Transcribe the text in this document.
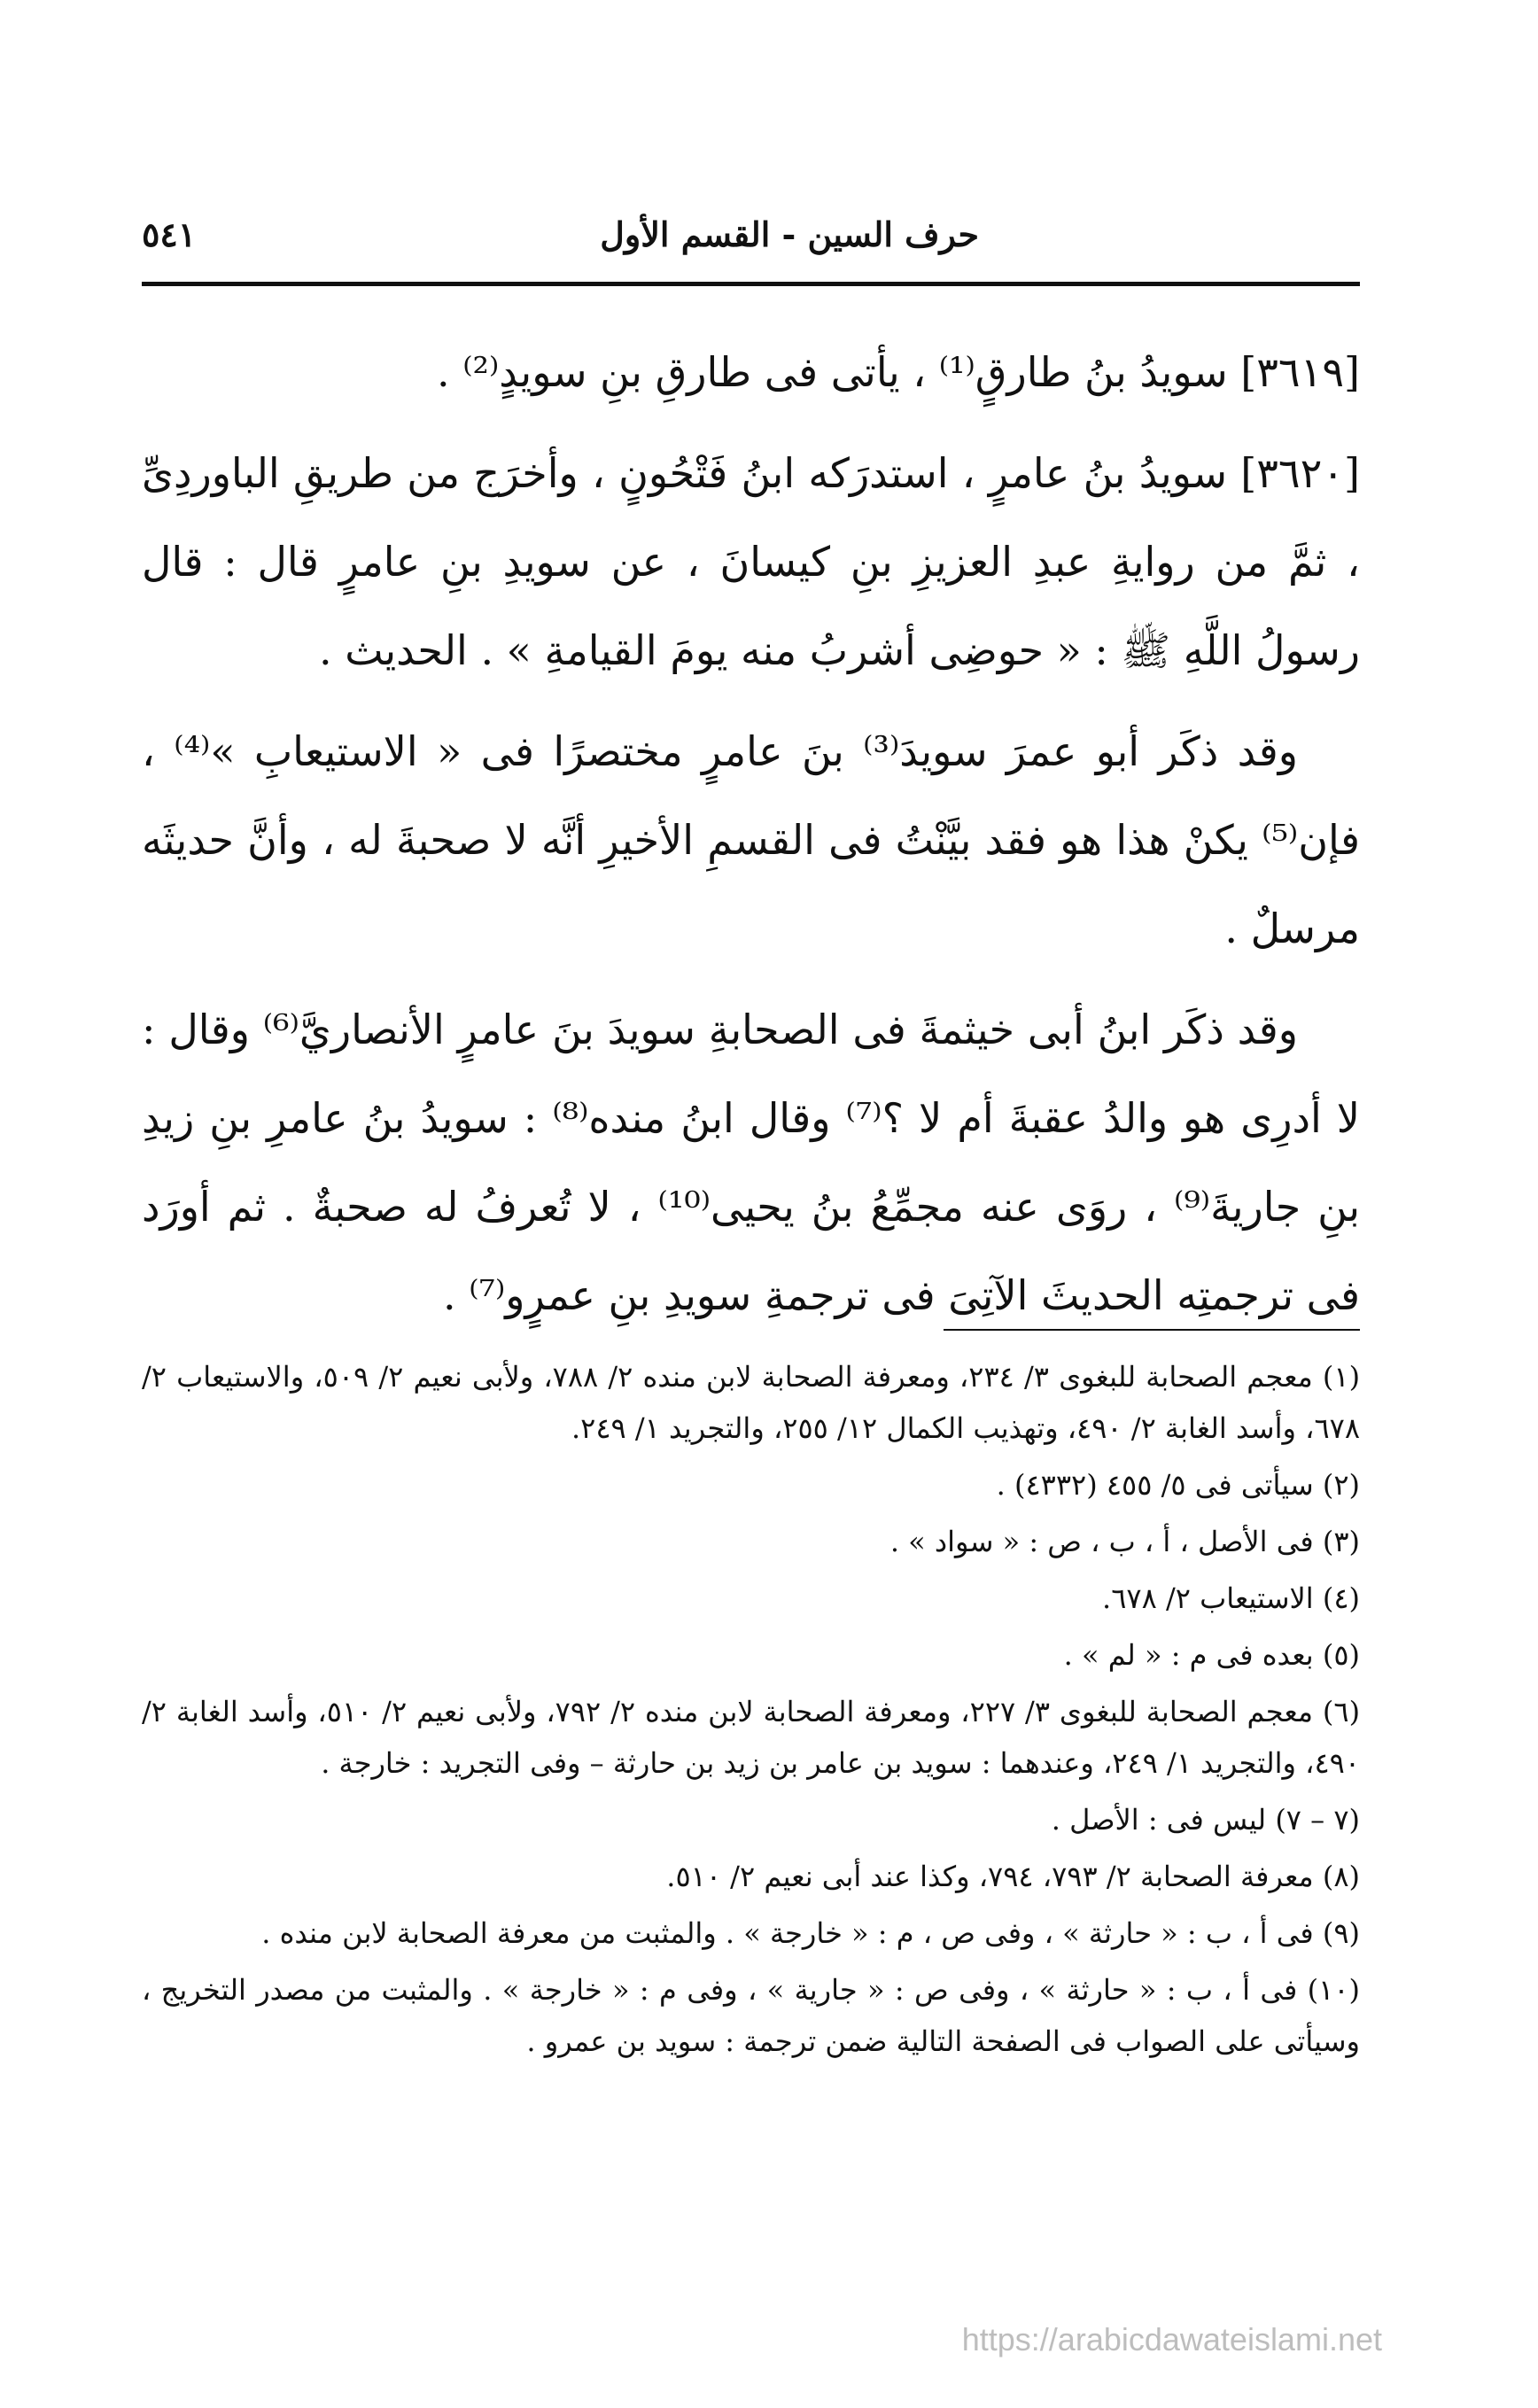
حرف السين - القسم الأول
٥٤١

[٣٦١٩] سويدُ بنُ طارقٍ⁽¹⁾ ، يأتى فى طارقِ بنِ سويدٍ⁽²⁾ .

[٣٦٢٠] سويدُ بنُ عامرٍ ، استدرَكه ابنُ فَتْحُونٍ ، وأخرَج من طريقِ الباوردِىِّ ، ثمَّ من روايةِ عبدِ العزيزِ بنِ كيسانَ ، عن سويدِ بنِ عامرٍ قال : قال رسولُ اللَّهِ ﷺ : « حوضِى أشربُ منه يومَ القيامةِ » . الحديث .

وقد ذكَر أبو عمرَ سويدَ⁽³⁾ بنَ عامرٍ مختصرًا فى « الاستيعابِ »⁽⁴⁾ ، فإن⁽⁵⁾ يكنْ هذا هو فقد بيَّنْتُ فى القسمِ الأخيرِ أنَّه لا صحبةَ له ، وأنَّ حديثَه مرسلٌ .

وقد ذكَر ابنُ أبى خيثمةَ فى الصحابةِ سويدَ بنَ عامرٍ الأنصاريَّ⁽⁶⁾ وقال : لا أدرِى هو والدُ عقبةَ أم لا ؟⁽⁷⁾ وقال ابنُ منده⁽⁸⁾ : سويدُ بنُ عامرِ بنِ زيدِ بنِ جاريةَ⁽⁹⁾ ، روَى عنه مجمِّعُ بنُ يحيى⁽¹⁰⁾ ، لا تُعرفُ له صحبةٌ . ثم أورَد فى ترجمتِه الحديثَ الآتِىَ فى ترجمةِ سويدِ بنِ عمرٍو⁽⁷⁾ .

(١) معجم الصحابة للبغوى ٣/ ٢٣٤، ومعرفة الصحابة لابن منده ٢/ ٧٨٨، ولأبى نعيم ٢/ ٥٠٩، والاستيعاب ٢/ ٦٧٨، وأسد الغابة ٢/ ٤٩٠، وتهذيب الكمال ١٢/ ٢٥٥، والتجريد ١/ ٢٤٩.

(٢) سيأتى فى ٥/ ٤٥٥ (٤٣٣٢) .

(٣) فى الأصل ، أ ، ب ، ص : « سواد » .

(٤) الاستيعاب ٢/ ٦٧٨.

(٥) بعده فى م : « لم » .

(٦) معجم الصحابة للبغوى ٣/ ٢٢٧، ومعرفة الصحابة لابن منده ٢/ ٧٩٢، ولأبى نعيم ٢/ ٥١٠، وأسد الغابة ٢/ ٤٩٠، والتجريد ١/ ٢٤٩، وعندهما : سويد بن عامر بن زيد بن حارثة – وفى التجريد : خارجة .

(٧ – ٧) ليس فى : الأصل .

(٨) معرفة الصحابة ٢/ ٧٩٣، ٧٩٤، وكذا عند أبى نعيم ٢/ ٥١٠.

(٩) فى أ ، ب : « حارثة » ، وفى ص ، م : « خارجة » . والمثبت من معرفة الصحابة لابن منده .

(١٠) فى أ ، ب : « حارثة » ، وفى ص : « جارية » ، وفى م : « خارجة » . والمثبت من مصدر التخريج ، وسيأتى على الصواب فى الصفحة التالية ضمن ترجمة : سويد بن عمرو .

https://arabicdawateislami.net
